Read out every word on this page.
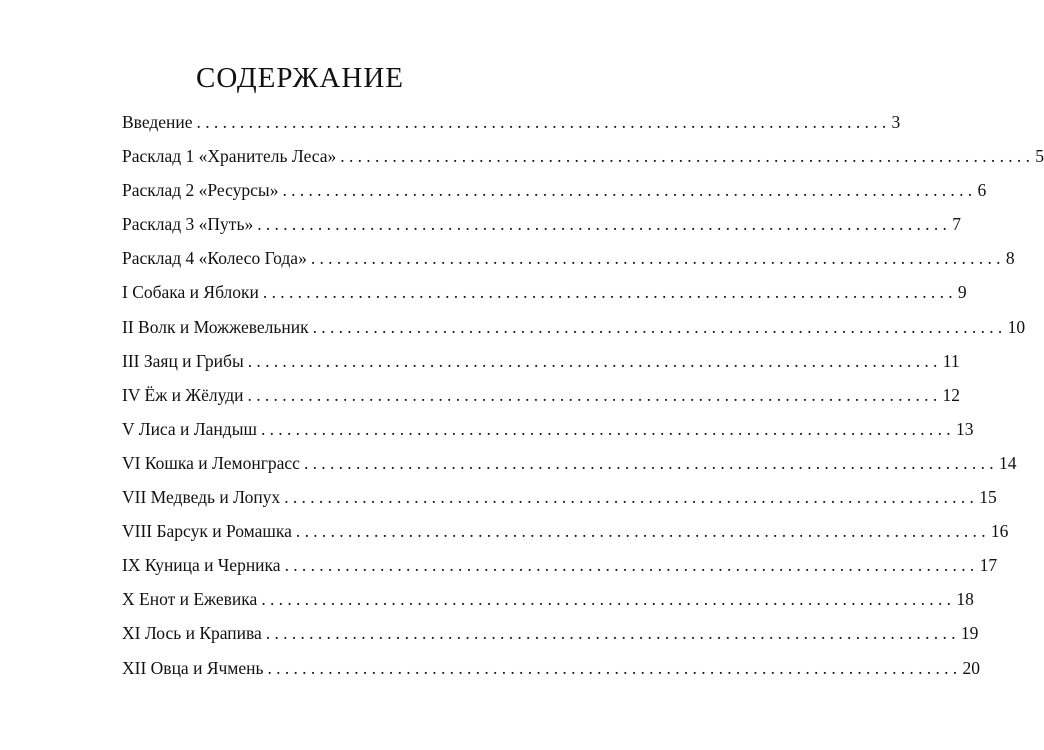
СОДЕРЖАНИЕ
Введение ................................................................................ 3
Расклад 1 «Хранитель Леса» ................................................................................ 5
Расклад 2 «Ресурсы» ................................................................................ 6
Расклад 3 «Путь» ................................................................................ 7
Расклад 4 «Колесо Года» ................................................................................ 8
I Собака и Яблоки ................................................................................ 9
II Волк и Можжевельник ................................................................................ 10
III Заяц и Грибы ................................................................................ 11
IV Ёж и Жёлуди ................................................................................ 12
V Лиса и Ландыш ................................................................................ 13
VI Кошка и Лемонграсс ................................................................................ 14
VII Медведь и Лопух ................................................................................ 15
VIII Барсук и Ромашка ................................................................................ 16
IX Куница и Черника ................................................................................ 17
X Енот и Ежевика ................................................................................ 18
XI Лось и Крапива ................................................................................ 19
XII Овца и Ячмень ................................................................................ 20
